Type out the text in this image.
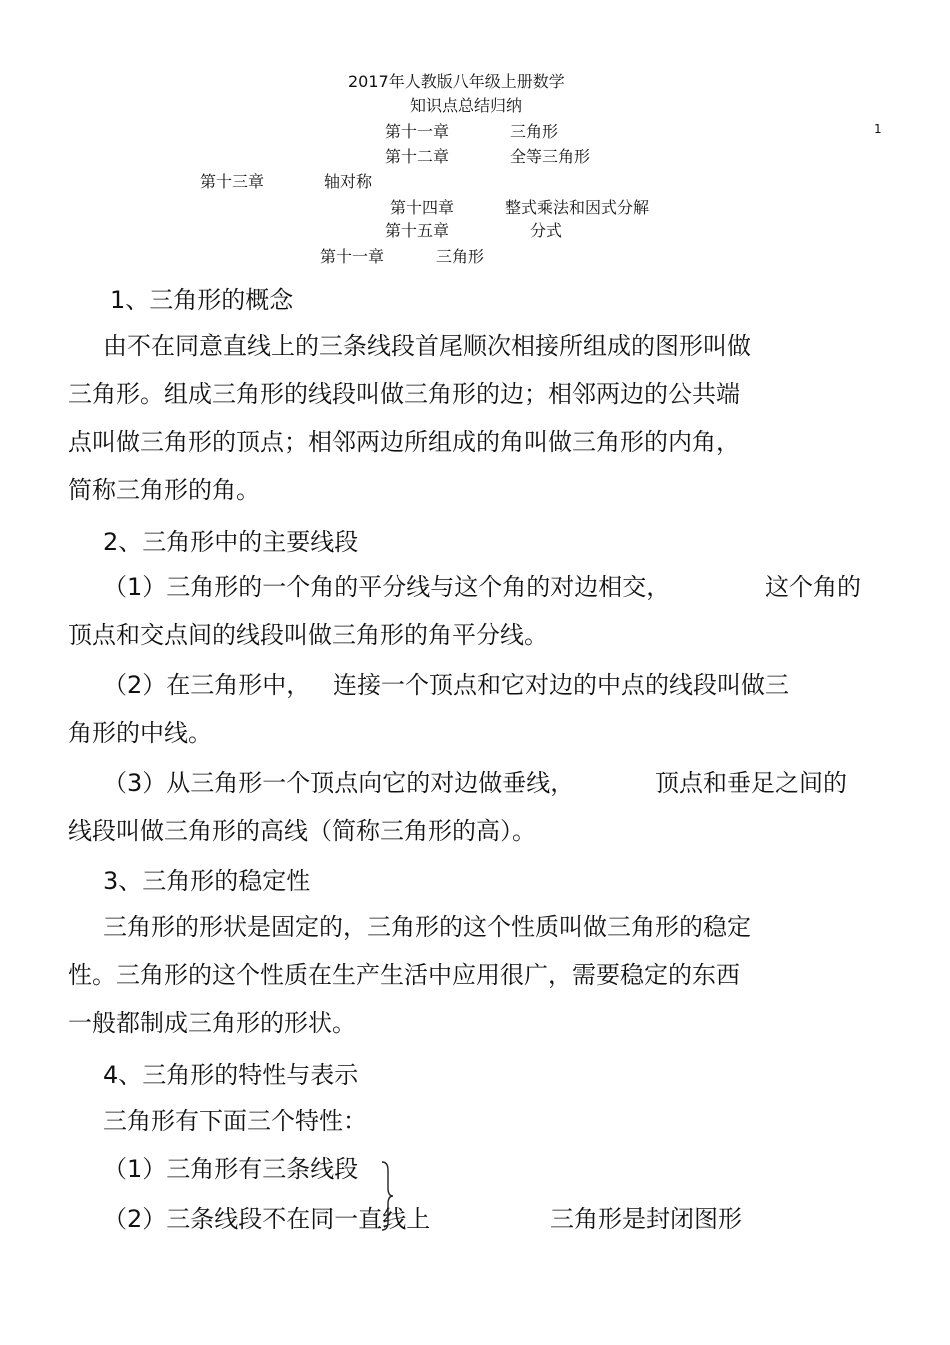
2017年人教版八年级上册数学
知识点总结归纳
1
第十一章	三角形
第十二章	全等三角形
第十三章	轴对称
第十四章	整式乘法和因式分解
第十五章	分式
第十一章	三角形
1、三角形的概念
由不在同意直线上的三条线段首尾顺次相接所组成的图形叫做
三角形。组成三角形的线段叫做三角形的边；相邻两边的公共端
点叫做三角形的顶点；相邻两边所组成的角叫做三角形的内角，
简称三角形的角。
2、三角形中的主要线段
（1）三角形的一个角的平分线与这个角的对边相交，	这个角的
顶点和交点间的线段叫做三角形的角平分线。
（2）在三角形中， 连接一个顶点和它对边的中点的线段叫做三
角形的中线。
（3）从三角形一个顶点向它的对边做垂线，	顶点和垂足之间的
线段叫做三角形的高线（简称三角形的高）。
3、三角形的稳定性
三角形的形状是固定的，三角形的这个性质叫做三角形的稳定
性。三角形的这个性质在生产生活中应用很广，需要稳定的东西
一般都制成三角形的形状。
4、三角形的特性与表示
三角形有下面三个特性：
（1）三角形有三条线段
（2）三条线段不在同一直线上	三角形是封闭图形
